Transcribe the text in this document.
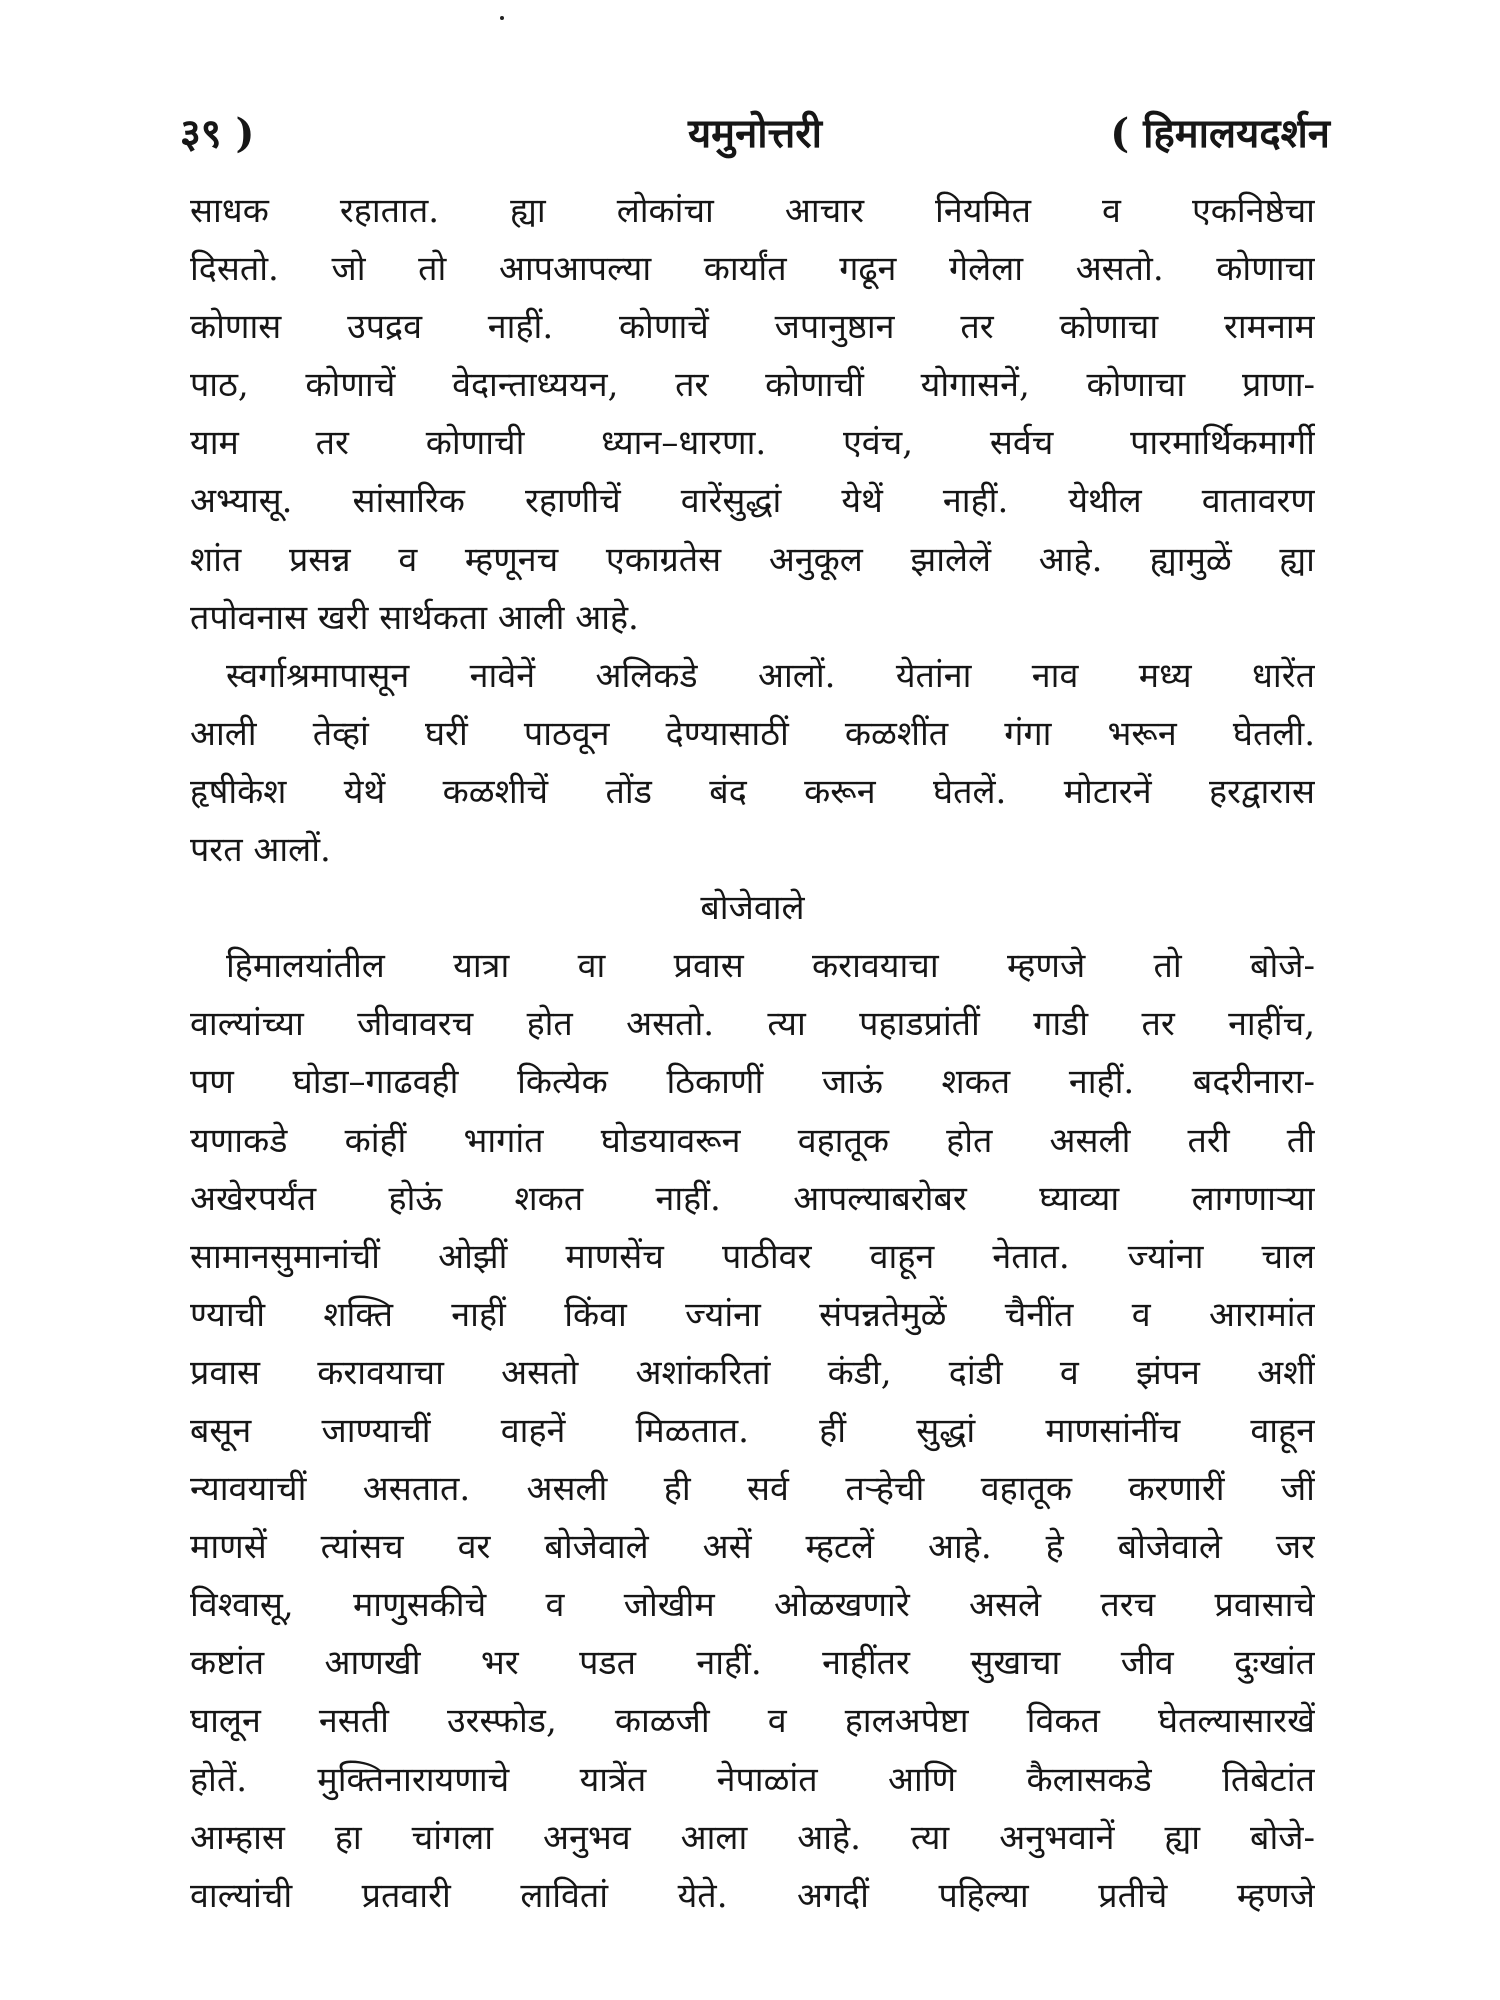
३९ )	यमुनोत्तरी	( हिमालयदर्शन
साधक रहातात. ह्या लोकांचा आचार नियमित व एकनिष्ठेचा
दिसतो. जो तो आपआपल्या कार्यांत गढून गेलेला असतो. कोणाचा
कोणास उपद्रव नाहीं. कोणाचें जपानुष्ठान तर कोणाचा रामनाम
पाठ, कोणाचें वेदान्ताध्ययन, तर कोणाचीं योगासनें, कोणाचा प्राणा-
याम तर कोणाची ध्यान–धारणा. एवंच, सर्वच पारमार्थिकमार्गी
अभ्यासू. सांसारिक रहाणीचें वारेंसुद्धां येथें नाहीं. येथील वातावरण
शांत प्रसन्न व म्हणूनच एकाग्रतेस अनुकूल झालेलें आहे. ह्यामुळें ह्या
तपोवनास खरी सार्थकता आली आहे.
स्वर्गाश्रमापासून नावेनें अलिकडे आलों. येतांना नाव मध्य धारेंत
आली तेव्हां घरीं पाठवून देण्यासाठीं कळशींत गंगा भरून घेतली.
हृषीकेश येथें कळशीचें तोंड बंद करून घेतलें. मोटारनें हरद्वारास
परत आलों.
बोजेवाले
हिमालयांतील यात्रा वा प्रवास करावयाचा म्हणजे तो बोजे-
वाल्यांच्या जीवावरच होत असतो. त्या पहाडप्रांतीं गाडी तर नाहींच,
पण घोडा–गाढवही कित्येक ठिकाणीं जाऊं शकत नाहीं. बदरीनारा-
यणाकडे कांहीं भागांत घोडयावरून वहातूक होत असली तरी ती
अखेरपर्यंत होऊं शकत नाहीं. आपल्याबरोबर घ्याव्या लागणाऱ्या
सामानसुमानांचीं ओझीं माणसेंच पाठीवर वाहून नेतात. ज्यांना चाल
ण्याची शक्ति नाहीं किंवा ज्यांना संपन्नतेमुळें चैनींत व आरामांत
प्रवास करावयाचा असतो अशांकरितां कंडी, दांडी व झंपन अशीं
बसून जाण्याचीं वाहनें मिळतात. हीं सुद्धां माणसांनींच वाहून
न्यावयाचीं असतात. असली ही सर्व तऱ्हेची वहातूक करणारीं जीं
माणसें त्यांसच वर बोजेवाले असें म्हटलें आहे. हे बोजेवाले जर
विश्वासू, माणुसकीचे व जोखीम ओळखणारे असले तरच प्रवासाचे
कष्टांत आणखी भर पडत नाहीं. नाहींतर सुखाचा जीव दुःखांत
घालून नसती उरस्फोड, काळजी व हालअपेष्टा विकत घेतल्यासारखें
होतें. मुक्तिनारायणाचे यात्रेंत नेपाळांत आणि कैलासकडे तिबेटांत
आम्हास हा चांगला अनुभव आला आहे. त्या अनुभवानें ह्या बोजे-
वाल्यांची प्रतवारी लावितां येते. अगदीं पहिल्या प्रतीचे म्हणजे
